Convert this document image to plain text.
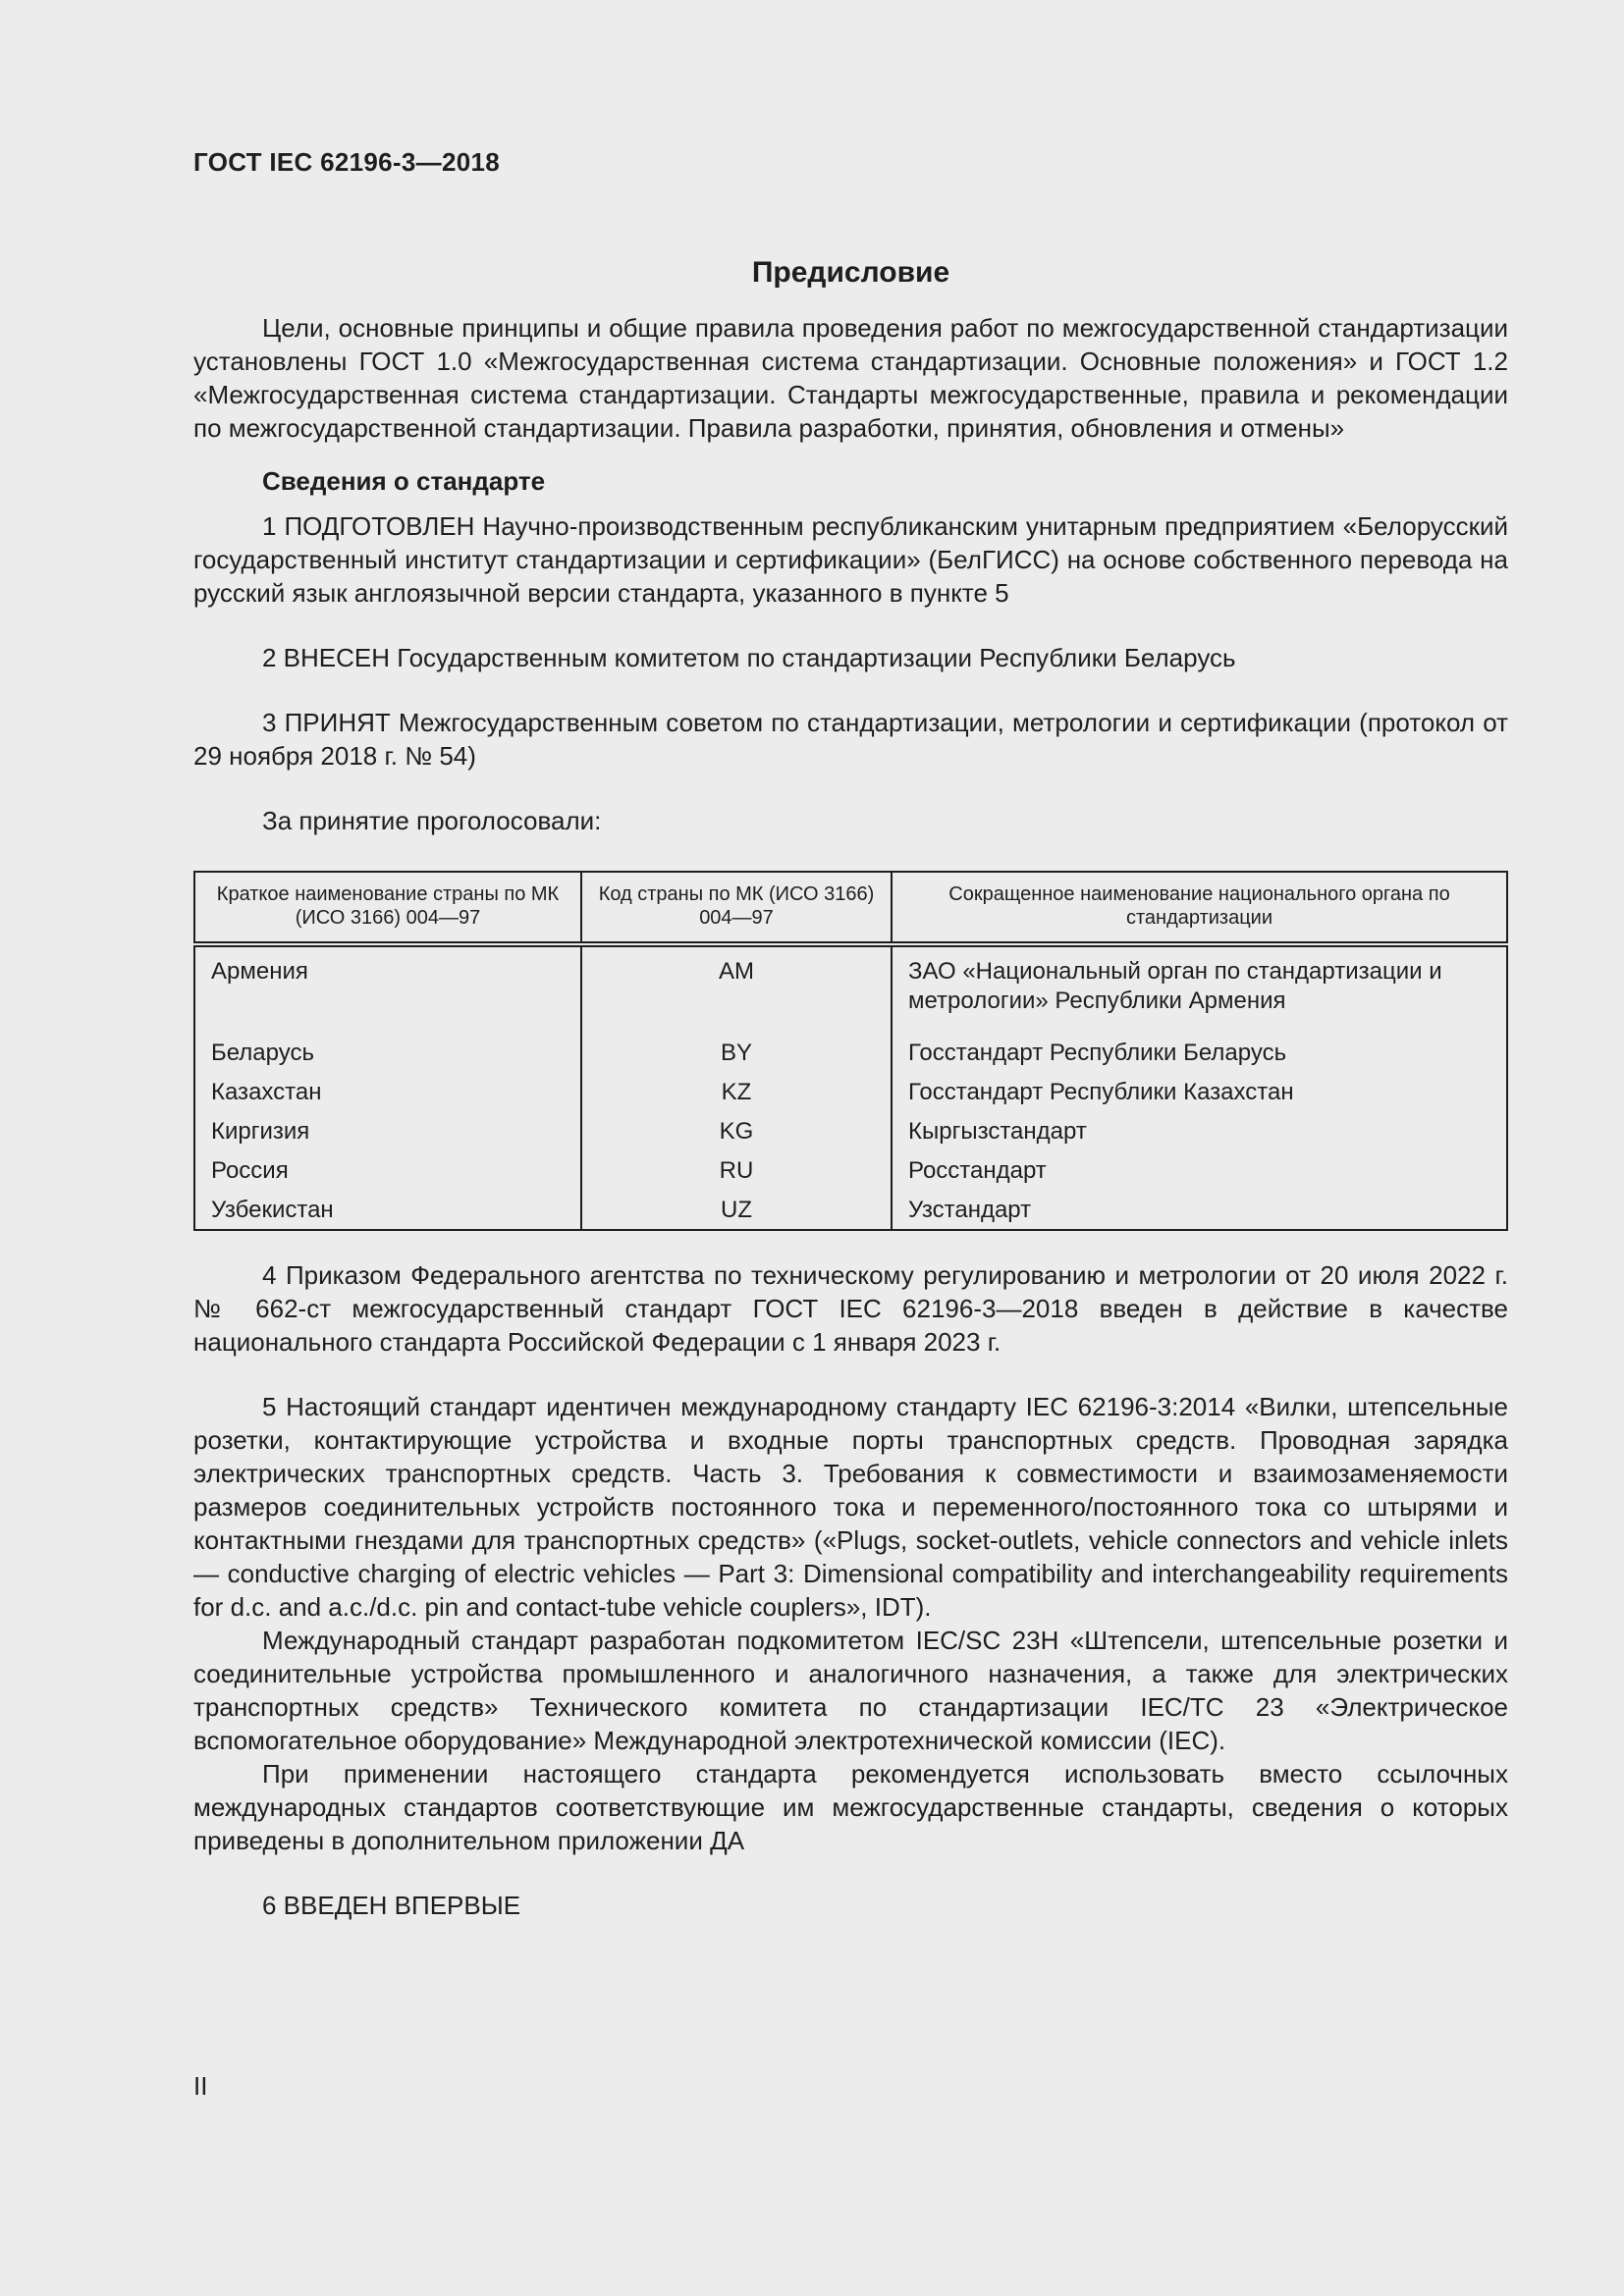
ГОСТ IEC 62196-3—2018
Предисловие

Цели, основные принципы и общие правила проведения работ по межгосударственной стандартизации установлены ГОСТ 1.0 «Межгосударственная система стандартизации. Основные положения» и ГОСТ 1.2 «Межгосударственная система стандартизации. Стандарты межгосударственные, правила и рекомендации по межгосударственной стандартизации. Правила разработки, принятия, обновления и отмены»

Сведения о стандарте

1 ПОДГОТОВЛЕН Научно-производственным республиканским унитарным предприятием «Белорусский государственный институт стандартизации и сертификации» (БелГИСС) на основе собственного перевода на русский язык англоязычной версии стандарта, указанного в пункте 5

2 ВНЕСЕН Государственным комитетом по стандартизации Республики Беларусь

3 ПРИНЯТ Межгосударственным советом по стандартизации, метрологии и сертификации (протокол от 29 ноября 2018 г. № 54)

За принятие проголосовали:

Краткое наименование страны по МК (ИСО 3166) 004—97	Код страны по МК (ИСО 3166) 004—97	Сокращенное наименование национального органа по стандартизации
Армения	AM	ЗАО «Национальный орган по стандартизации и метрологии» Республики Армения
Беларусь	BY	Госстандарт Республики Беларусь
Казахстан	KZ	Госстандарт Республики Казахстан
Киргизия	KG	Кыргызстандарт
Россия	RU	Росстандарт
Узбекистан	UZ	Узстандарт

4 Приказом Федерального агентства по техническому регулированию и метрологии от 20 июля 2022 г. № 662-ст межгосударственный стандарт ГОСТ IEC 62196-3—2018 введен в действие в качестве национального стандарта Российской Федерации с 1 января 2023 г.

5 Настоящий стандарт идентичен международному стандарту IEC 62196-3:2014 «Вилки, штепсельные розетки, контактирующие устройства и входные порты транспортных средств. Проводная зарядка электрических транспортных средств. Часть 3. Требования к совместимости и взаимозаменяемости размеров соединительных устройств постоянного тока и переменного/постоянного тока со штырями и контактными гнездами для транспортных средств» («Plugs, socket-outlets, vehicle connectors and vehicle inlets — conductive charging of electric vehicles — Part 3: Dimensional compatibility and interchangeability requirements for d.c. and a.c./d.c. pin and contact-tube vehicle couplers», IDT).

Международный стандарт разработан подкомитетом IEC/SC 23H «Штепсели, штепсельные розетки и соединительные устройства промышленного и аналогичного назначения, а также для электрических транспортных средств» Технического комитета по стандартизации IEC/TC 23 «Электрическое вспомогательное оборудование» Международной электротехнической комиссии (IEC).

При применении настоящего стандарта рекомендуется использовать вместо ссылочных международных стандартов соответствующие им межгосударственные стандарты, сведения о которых приведены в дополнительном приложении ДА

6 ВВЕДЕН ВПЕРВЫЕ

II
